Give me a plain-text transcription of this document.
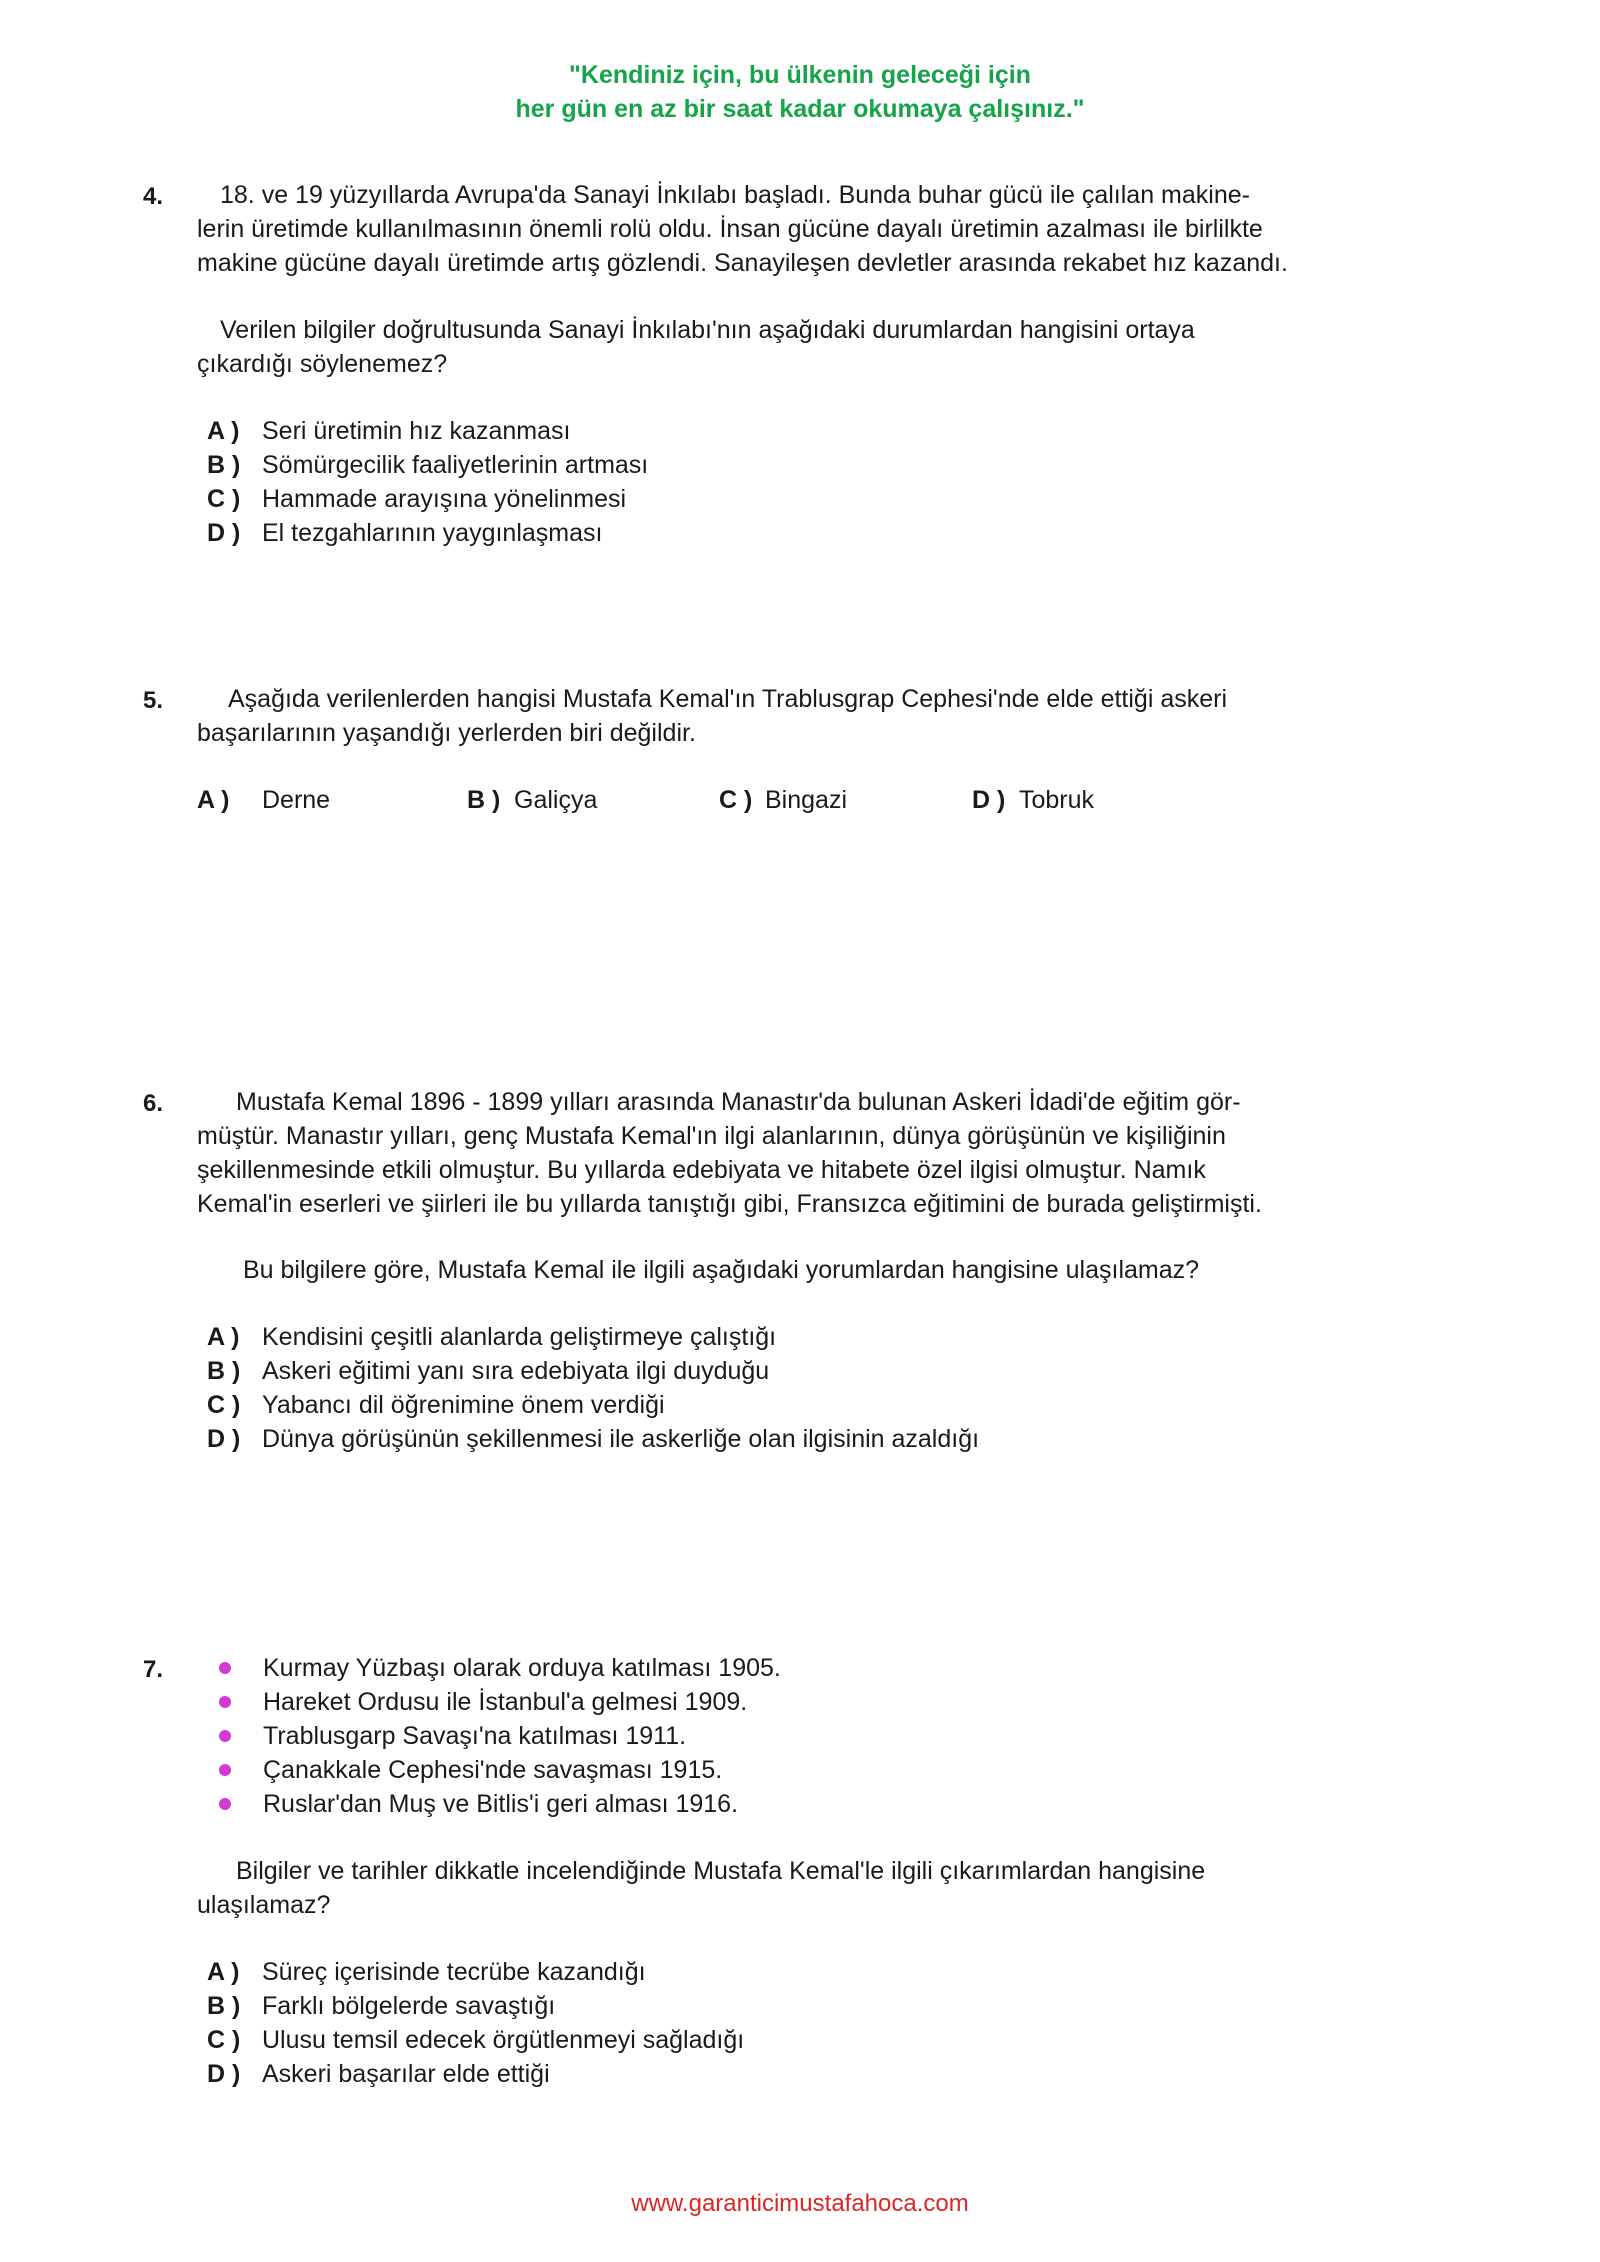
"Kendiniz için, bu ülkenin geleceği için
her gün en az bir saat kadar okumaya çalışınız."
4. 18. ve 19 yüzyıllarda Avrupa'da Sanayi İnkılabı başladı. Bunda buhar gücü ile çalılan makine-
lerin üretimde kullanılmasının önemli rolü oldu. İnsan gücüne dayalı üretimin azalması ile birlilkte
makine gücüne dayalı üretimde artış gözlendi. Sanayileşen devletler arasında rekabet hız kazandı.
Verilen bilgiler doğrultusunda Sanayi İnkılabı'nın aşağıdaki durumlardan hangisini ortaya
çıkardığı söylenemez?
A ) Seri üretimin hız kazanması
B ) Sömürgecilik faaliyetlerinin artması
C ) Hammade arayışına yönelinmesi
D ) El tezgahlarının yaygınlaşması
5.	Aşağıda verilenlerden hangisi Mustafa Kemal'ın Trablusgrap Cephesi'nde elde ettiği askeri
başarılarının yaşandığı yerlerden biri değildir.
A ) Derne	B ) Galiçya	C ) Bingazi	D ) Tobruk
6.	Mustafa Kemal 1896 - 1899 yılları arasında Manastır'da bulunan Askeri İdadi'de eğitim gör-
müştür. Manastır yılları, genç Mustafa Kemal'ın ilgi alanlarının, dünya görüşünün ve kişiliğinin
şekillenmesinde etkili olmuştur. Bu yıllarda edebiyata ve hitabete özel ilgisi olmuştur. Namık
Kemal'in eserleri ve şiirleri ile bu yıllarda tanıştığı gibi, Fransızca eğitimini de burada geliştirmişti.
Bu bilgilere göre, Mustafa Kemal ile ilgili aşağıdaki yorumlardan hangisine ulaşılamaz?
A ) Kendisini çeşitli alanlarda geliştirmeye çalıştığı
B ) Askeri eğitimi yanı sıra edebiyata ilgi duyduğu
C ) Yabancı dil öğrenimine önem verdiği
D ) Dünya görüşünün şekillenmesi ile askerliğe olan ilgisinin azaldığı
7.	Kurmay Yüzbaşı olarak orduya katılması 1905.
Hareket Ordusu ile İstanbul'a gelmesi 1909.
Trablusgarp Savaşı'na katılması 1911.
Çanakkale Cephesi'nde savaşması 1915.
Ruslar'dan Muş ve Bitlis'i geri alması 1916.
Bilgiler ve tarihler dikkatle incelendiğinde Mustafa Kemal'le ilgili çıkarımlardan hangisine
ulaşılamaz?
A ) Süreç içerisinde tecrübe kazandığı
B ) Farklı bölgelerde savaştığı
C ) Ulusu temsil edecek örgütlenmeyi sağladığı
D ) Askeri başarılar elde ettiği
www.garanticimustafahoca.com
